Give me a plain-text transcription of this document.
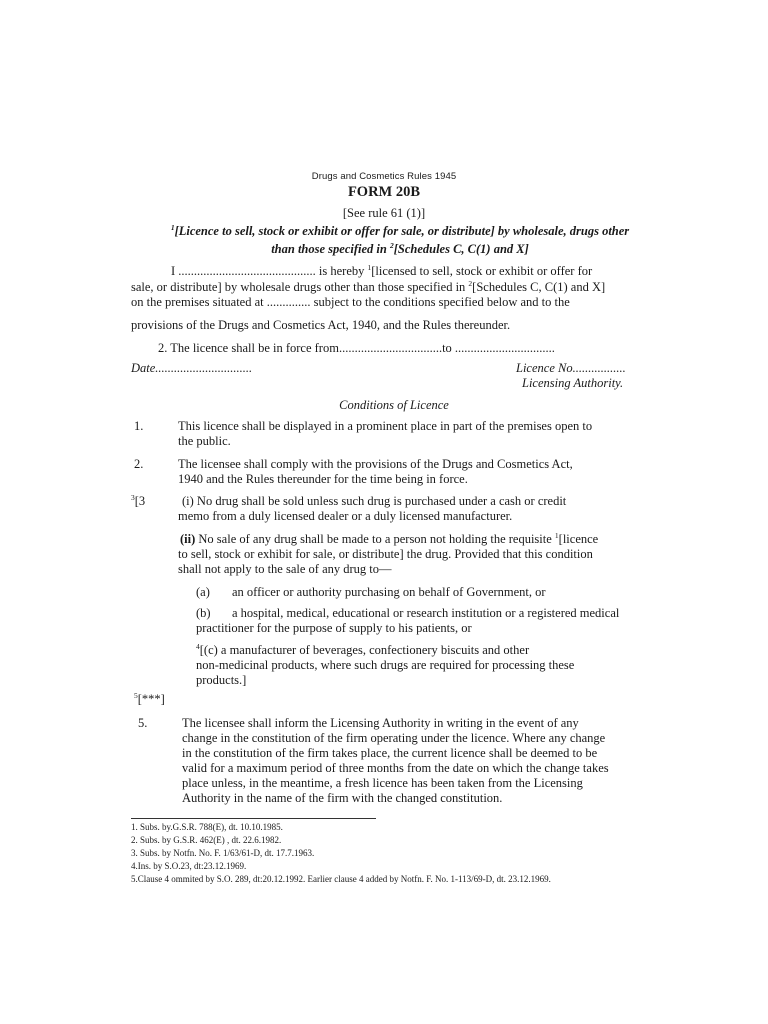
Drugs and Cosmetics Rules 1945
FORM 20B
[See rule 61 (1)]
$^1$[Licence to sell, stock or exhibit or offer for sale, or distribute] by wholesale, drugs other
than those specified in $^2$[Schedules C, C(1) and X]
I ............................................ is hereby $^1$[licensed to sell, stock or exhibit or offer for
sale, or distribute] by wholesale drugs other than those specified in $^2$[Schedules C, C(1) and X]
on the premises situated at .............. subject to the conditions specified below and to the
provisions of the Drugs and Cosmetics Act, 1940, and the Rules thereunder.
2. The licence shall be in force from.................................to ................................
Date...............................	Licence No.................
Licensing Authority.
Conditions of Licence
1.	This licence shall be displayed in a prominent place in part of the premises open to
the public.
2.	The licensee shall comply with the provisions of the Drugs and Cosmetics Act,
1940 and the Rules thereunder for the time being in force.
$^3$[3	(i) No drug shall be sold unless such drug is purchased under a cash or credit
memo from a duly licensed dealer or a duly licensed manufacturer.
(ii) No sale of any drug shall be made to a person not holding the requisite $^1$[licence
to sell, stock or exhibit for sale, or distribute] the drug. Provided that this condition
shall not apply to the sale of any drug to—
(a) an officer or authority purchasing on behalf of Government, or
(b) a hospital, medical, educational or research institution or a registered medical
practitioner for the purpose of supply to his patients, or
$^4$[(c) a manufacturer of beverages, confectionery biscuits and other
non-medicinal products, where such drugs are required for processing these
products.]
$^5$[***]
5.	The licensee shall inform the Licensing Authority in writing in the event of any
change in the constitution of the firm operating under the licence. Where any change
in the constitution of the firm takes place, the current licence shall be deemed to be
valid for a maximum period of three months from the date on which the change takes
place unless, in the meantime, a fresh licence has been taken from the Licensing
Authority in the name of the firm with the changed constitution.
1. Subs. by.G.S.R. 788(E), dt. 10.10.1985.
2. Subs. by G.S.R. 462(E) , dt. 22.6.1982.
3. Subs. by Notfn. No. F. 1/63/61-D, dt. 17.7.1963.
4.Ins. by S.O.23, dt:23.12.1969.
5.Clause 4 ommited by S.O. 289, dt:20.12.1992. Earlier clause 4 added by Notfn. F. No. 1-113/69-D, dt. 23.12.1969.
